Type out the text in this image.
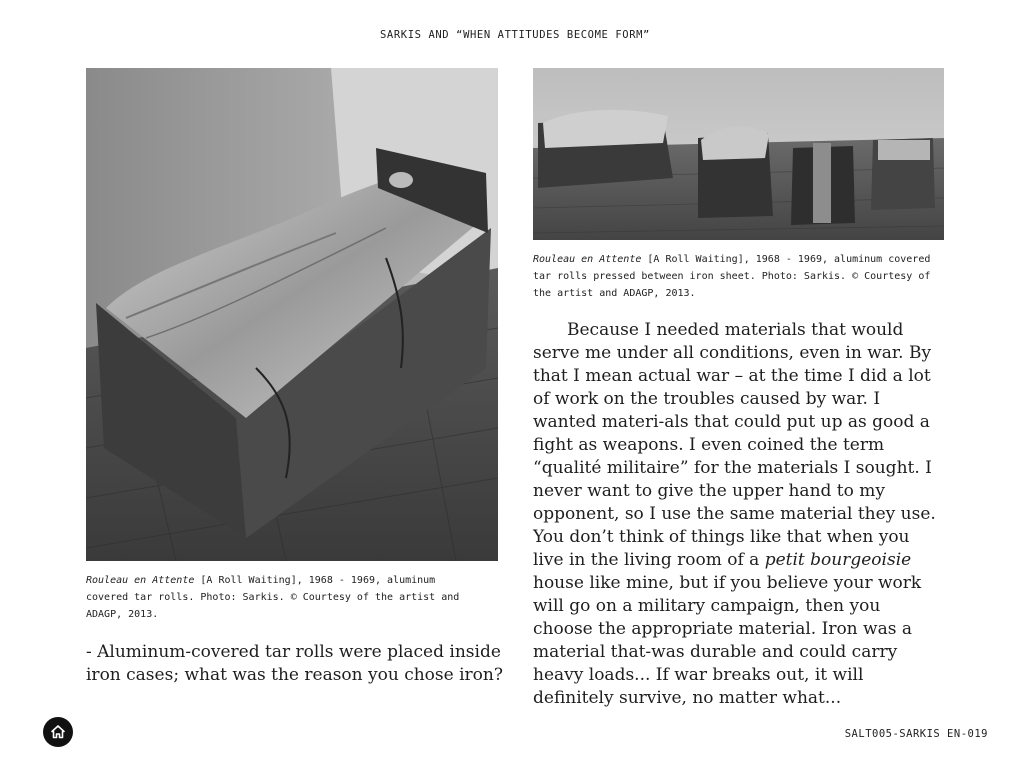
SARKIS AND “WHEN ATTITUDES BECOME FORM”
Rouleau en Attente [A Roll Waiting], 1968 - 1969, aluminum covered tar rolls. Photo: Sarkis. © Courtesy of the artist and ADAGP, 2013.
Rouleau en Attente [A Roll Waiting], 1968 - 1969, aluminum covered tar rolls pressed between iron sheet. Photo: Sarkis. © Courtesy of the artist and ADAGP, 2013.
- Aluminum-covered tar rolls were placed inside iron cases; what was the reason you chose iron?

Because I needed materials that would serve me under all conditions, even in war. By that I mean actual war – at the time I did a lot of work on the troubles caused by war. I wanted materi-als that could put up as good a fight as weapons. I even coined the term “qualité militaire” for the materials I sought. I never want to give the upper hand to my opponent, so I use the same material they use. You don’t think of things like that when you live in the living room of a petit bourgeoisie house like mine, but if you believe your work will go on a military campaign, then you choose the appropriate material. Iron was a material that-was durable and could carry heavy loads... If war breaks out, it will definitely survive, no matter what...

SALT005-SARKIS EN-019
